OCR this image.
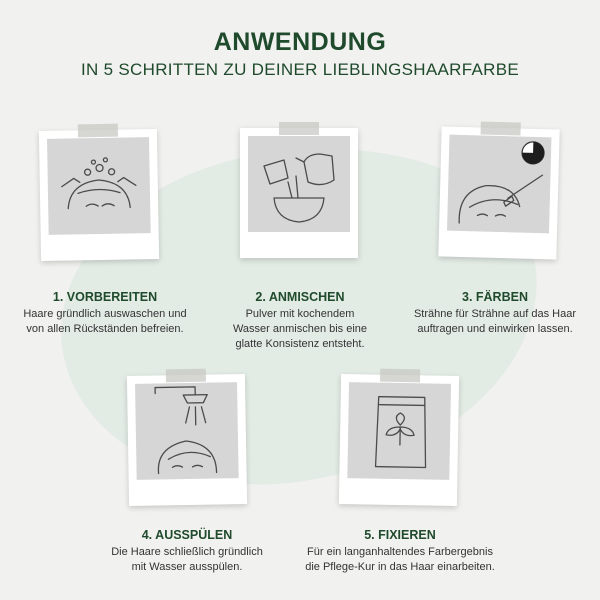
ANWENDUNG
IN 5 SCHRITTEN ZU DEINER LIEBLINGSHAARFARBE
1. VORBEREITEN
Haare gründlich auswaschen und
von allen Rückständen befreien.
2. ANMISCHEN
Pulver mit kochendem
Wasser anmischen bis eine
glatte Konsistenz entsteht.
3. FÄRBEN
Strähne für Strähne auf das Haar
auftragen und einwirken lassen.
4. AUSSPÜLEN
Die Haare schließlich gründlich
mit Wasser ausspülen.
5. FIXIEREN
Für ein langanhaltendes Farbergebnis
die Pflege-Kur in das Haar einarbeiten.
